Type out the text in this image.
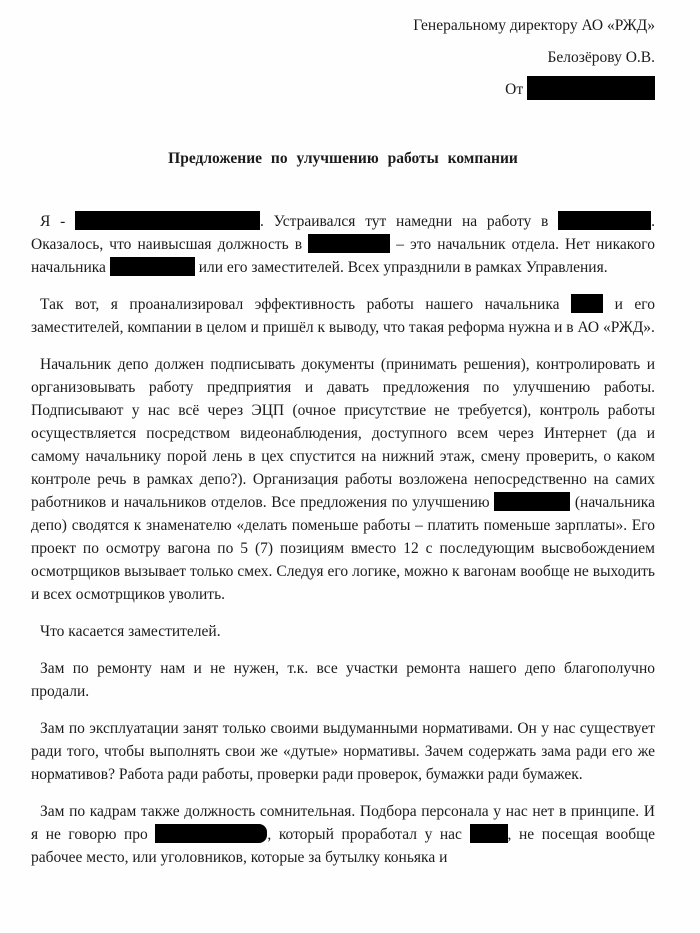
Генеральному директору АО «РЖД»
Белозёрову О.В.
От
Предложение по улучшению работы компании

Я -	. Устраивался тут намедни на работу в	. Оказалось, что наивысшая должность в	– это начальник отдела. Нет никакого начальника	или его заместителей. Всех упразднили в рамках Управления.

Так вот, я проанализировал эффективность работы нашего начальника  и его заместителей, компании в целом и пришёл к выводу, что такая реформа нужна и в АО «РЖД».

Начальник депо должен подписывать документы (принимать решения), контролировать и организовывать работу предприятия и давать предложения по улучшению работы. Подписывают у нас всё через ЭЦП (очное присутствие не требуется), контроль работы осуществляется посредством видеонаблюдения, доступного всем через Интернет (да и самому начальнику порой лень в цех спустится на нижний этаж, смену проверить, о каком контроле речь в рамках депо?). Организация работы возложена непосредственно на самих работников и начальников отделов. Все предложения по улучшению	(начальника депо) сводятся к знаменателю «делать поменьше работы – платить поменьше зарплаты». Его проект по осмотру вагона по 5 (7) позициям вместо 12 с последующим высвобождением осмотрщиков вызывает только смех. Следуя его логике, можно к вагонам вообще не выходить и всех осмотрщиков уволить.

Что касается заместителей.

Зам по ремонту нам и не нужен, т.к. все участки ремонта нашего депо благополучно продали.

Зам по эксплуатации занят только своими выдуманными нормативами. Он у нас существует ради того, чтобы выполнять свои же «дутые» нормативы. Зачем содержать зама ради его же нормативов? Работа ради работы, проверки ради проверок, бумажки ради бумажек.

Зам по кадрам также должность сомнительная. Подбора персонала у нас нет в принципе. И я не говорю про	, который проработал у нас , не посещая вообще рабочее место, или уголовников, которые за бутылку коньяка и
